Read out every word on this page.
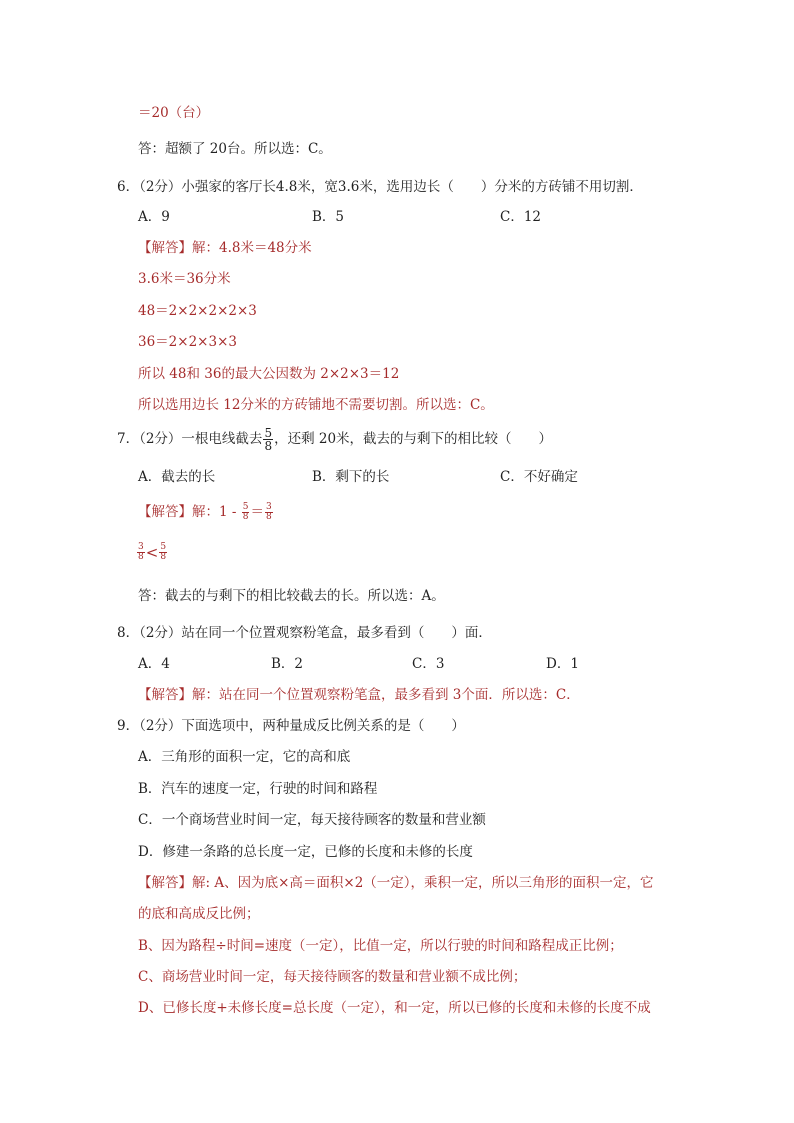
＝20（台）
答：超额了 20台。所以选：C。
6．（2分）小强家的客厅长4.8米，宽3.6米，选用边长（　　）分米的方砖铺不用切割．
A．9	B．5	C．12
【解答】解：4.8米＝48分米
3.6米＝36分米
48＝2×2×2×2×3
36＝2×2×3×3
所以 48和 36的最大公因数为 2×2×3＝12
所以选用边长 12分米的方砖铺地不需要切割。所以选：C。
7．（2分）一根电线截去 $\frac{5}{8}$ ，还剩 20米，截去的与剩下的相比较（　　）
A．截去的长	B．剩下的长	C．不好确定
【解答】解：$1 - \frac{5}{8} = \frac{3}{8}$
$\frac{3}{8} < \frac{5}{8}$
答：截去的与剩下的相比较截去的长。所以选：A。
8．（2分）站在同一个位置观察粉笔盒，最多看到（　　）面．
A．4	B．2	C．3	D．1
【解答】解：站在同一个位置观察粉笔盒，最多看到 3个面．所以选：C．
9．（2分）下面选项中，两种量成反比例关系的是（　　）
A．三角形的面积一定，它的高和底
B．汽车的速度一定，行驶的时间和路程
C．一个商场营业时间一定，每天接待顾客的数量和营业额
D．修建一条路的总长度一定，已修的长度和未修的长度
【解答】解: A、因为底×高＝面积×2（一定），乘积一定，所以三角形的面积一定，它
的底和高成反比例；
B、因为路程÷时间=速度（一定），比值一定，所以行驶的时间和路程成正比例；
C、商场营业时间一定，每天接待顾客的数量和营业额不成比例；
D、已修长度+未修长度=总长度（一定），和一定，所以已修的长度和未修的长度不成
